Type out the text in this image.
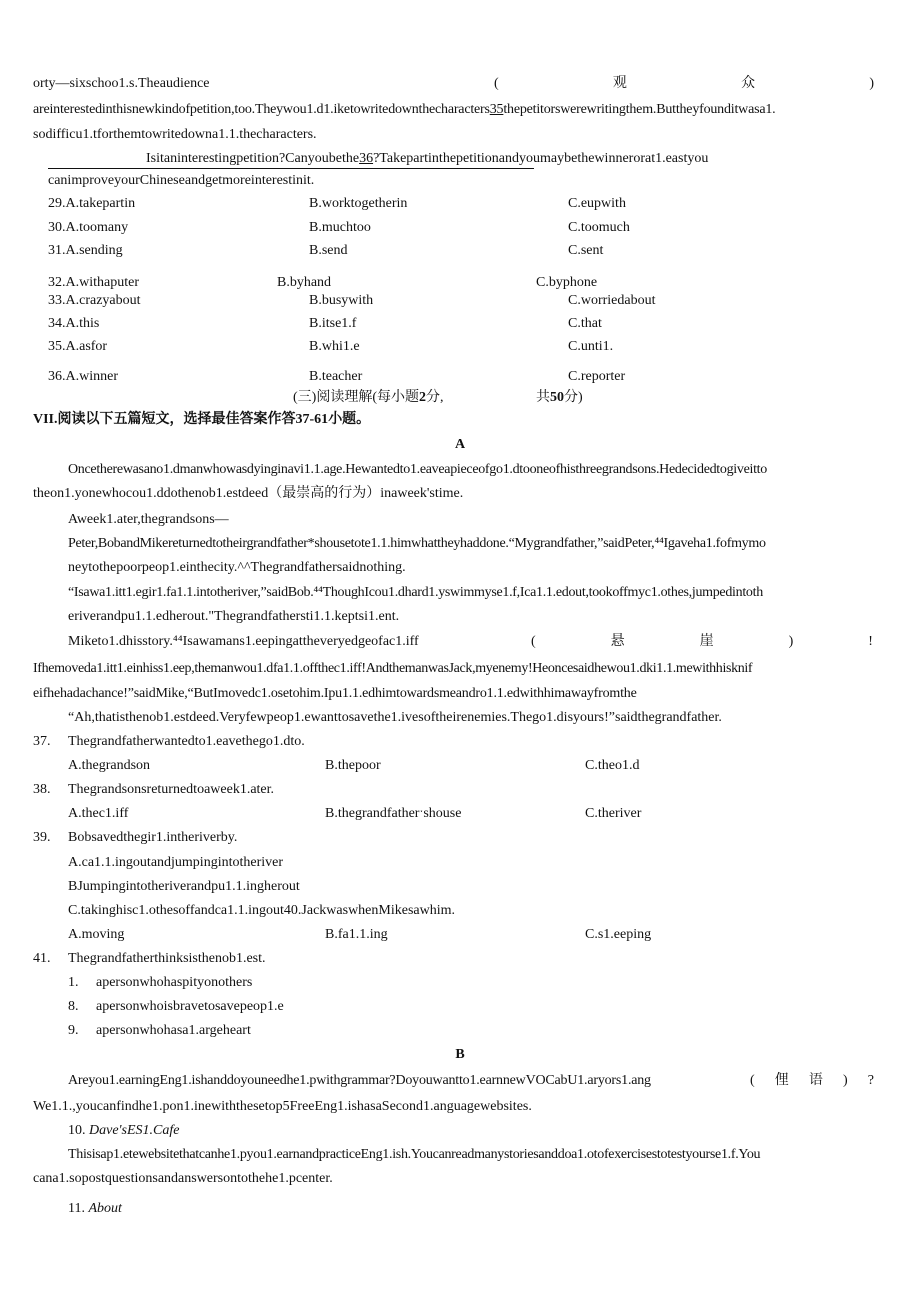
orty—sixschoo1.s.Theaudience	(	观	众	)
areinterestedinthisnewkindofpetition,too.Theywou1.d1.iketowritedownthecharacters35thepetitorswerewritingthem.Buttheyfounditwasa1.
sodifficu1.tforthemtowritedowna1.1.thecharacters.
Isitaninterestingpetition?Canyoubethe36?Takepartinthepetitionandyoumaybethewinnerorat1.eastyou
canimproveyourChineseandgetmoreinterestinit.
29.A.takepartin	B.worktogetherin	C.eupwith
30.A.toomany	B.muchtoo	C.toomuch
31.A.sending	B.send	C.sent
32.A.withaputer	B.byhand	C.byphone
33.A.crazyabout	B.busywith	C.worriedabout
34.A.this	B.itse1.f	C.that
35.A.asfor	B.whi1.e	C.unti1.
36.A.winner	B.teacher	C.reporter
(三)阅读理解(每小题2分,	共50分)
VII.阅读以下五篇短文，选择最佳答案作答37-61小题。
A
Oncetherewasano1.dmanwhowasdyinginavi1.1.age.Hewantedto1.eaveapieceofgo1.dtooneofhisthreegrandsons.Hedecidedtogiveitto
theon1.yonewhocou1.ddothenob1.estdeed（最崇高的行为）inaweek'stime.
Aweek1.ater,thegrandsons—
Peter,BobandMikereturnedtotheirgrandfather*shousetote1.1.himwhattheyhaddone.“Mygrandfather,ˮsaidPeter,⁴⁴Igaveha1.fofmymo
neytothepoorpeop1.einthecity.^^Thegrandfathersaidnothing.
“Isawa1.itt1.egir1.fa1.1.intotheriver,ˮsaidBob.⁴⁴ThoughIcou1.dhard1.yswimmyse1.f,Ica1.1.edout,tookoffmyc1.othes,jumpedintoth
eriverandpu1.1.edherout."Thegrandfathersti1.1.keptsi1.ent.
Miketo1.dhisstory.⁴⁴Isawamans1.eepingattheveryedgeofac1.iff	(	悬	崖	)	!
Ifhemoveda1.itt1.einhiss1.eep,themanwou1.dfa1.1.offthec1.iff!AndthemanwasJack,myenemy!Heoncesaidhewou1.dki1.1.mewithhisknif
eifhehadachance!ˮsaidMike,“ButImovedc1.osetohim.Ipu1.1.edhimtowardsmeandro1.1.edwithhimawayfromthe
“Ah,thatisthenob1.estdeed.Veryfewpeop1.ewanttosavethe1.ivesoftheirenemies.Thego1.disyours!”saidthegrandfather.
37. Thegrandfatherwantedto1.eavethego1.dto.
A.thegrandson	B.thepoor	C.theo1.d
38. Thegrandsonsreturnedtoaweek1.ater.
A.thec1.iff	B.thegrandfatherˑshouse	C.theriver
39. Bobsavedthegir1.intheriverby.
A.ca1.1.ingoutandjumpingintotheriver
BJumpingintotheriverandpu1.1.ingherout
C.takinghisc1.othesoffandca1.1.ingout40.JackwaswhenMikesawhim.
A.moving	B.fa1.1.ing	C.s1.eeping
41. Thegrandfatherthinksisthenob1.est.
1. apersonwhohaspityonothers
8. apersonwhoisbravetosavepeop1.e
9. apersonwhohasa1.argeheart
B
Areyou1.earningEng1.ishanddoyouneedhe1.pwithgrammar?Doyouwantto1.earnnewVOCabU1.aryors1.ang	( 俚 语 ) ?
We1.1.,youcanfindhe1.pon1.inewiththesetop5FreeEng1.ishasaSecond1.anguagewebsites.
10. Dave'sES1.Cafe
Thisisap1.etewebsitethatcanhe1.pyou1.earnandpracticeEng1.ish.Youcanreadmanystoriesanddoa1.otofexercisestotestyourse1.f.You
cana1.sopostquestionsandanswersontothehe1.pcenter.
11. About
